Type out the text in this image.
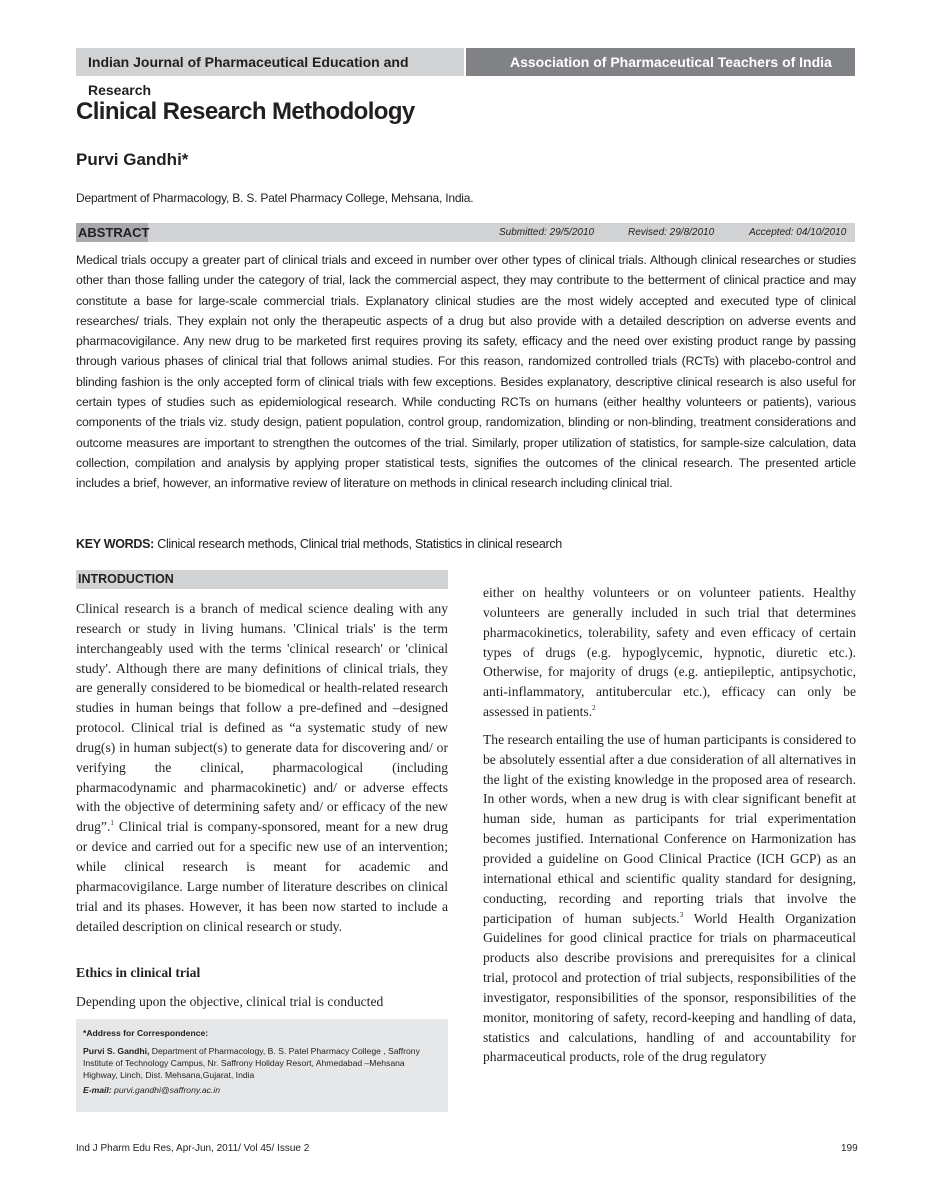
Indian Journal of Pharmaceutical Education and Research
Association of Pharmaceutical Teachers of India
Clinical Research Methodology
Purvi Gandhi*
Department of Pharmacology, B. S. Patel Pharmacy College, Mehsana, India.
ABSTRACT	Submitted: 29/5/2010	Revised: 29/8/2010	Accepted: 04/10/2010

Medical trials occupy a greater part of clinical trials and exceed in number over other types of clinical trials. Although clinical researches or studies other than those falling under the category of trial, lack the commercial aspect, they may contribute to the betterment of clinical practice and may constitute a base for large-scale commercial trials. Explanatory clinical studies are the most widely accepted and executed type of clinical researches/ trials. They explain not only the therapeutic aspects of a drug but also provide with a detailed description on adverse events and pharmacovigilance. Any new drug to be marketed first requires proving its safety, efficacy and the need over existing product range by passing through various phases of clinical trial that follows animal studies. For this reason, randomized controlled trials (RCTs) with placebo-control and blinding fashion is the only accepted form of clinical trials with few exceptions. Besides explanatory, descriptive clinical research is also useful for certain types of studies such as epidemiological research. While conducting RCTs on humans (either healthy volunteers or patients), various components of the trials viz. study design, patient population, control group, randomization, blinding or non-blinding, treatment considerations and outcome measures are important to strengthen the outcomes of the trial. Similarly, proper utilization of statistics, for sample-size calculation, data collection, compilation and analysis by applying proper statistical tests, signifies the outcomes of the clinical research. The presented article includes a brief, however, an informative review of literature on methods in clinical research including clinical trial.

KEY WORDS: Clinical research methods, Clinical trial methods, Statistics in clinical research
INTRODUCTION

Clinical research is a branch of medical science dealing with any research or study in living humans. 'Clinical trials' is the term interchangeably used with the terms 'clinical research' or 'clinical study'. Although there are many definitions of clinical trials, they are generally considered to be biomedical or health-related research studies in human beings that follow a pre-defined and –designed protocol. Clinical trial is defined as “a systematic study of new drug(s) in human subject(s) to generate data for discovering and/ or verifying the clinical, pharmacological (including pharmacodynamic and pharmacokinetic) and/ or adverse effects with the objective of determining safety and/ or efficacy of the new drug”.$^1$ Clinical trial is company-sponsored, meant for a new drug or device and carried out for a specific new use of an intervention; while clinical research is meant for academic and pharmacovigilance. Large number of literature describes on clinical trial and its phases. However, it has been now started to include a detailed description on clinical research or study.

Ethics in clinical trial

Depending upon the objective, clinical trial is conducted

*Address for Correspondence:
Purvi S. Gandhi, Department of Pharmacology, B. S. Patel Pharmacy College , Saffrony Institute of Technology Campus, Nr. Saffrony Holiday Resort, Ahmedabad –Mehsana Highway, Linch, Dist. Mehsana,Gujarat, India
E-mail: purvi.gandhi@saffrony.ac.in

either on healthy volunteers or on volunteer patients. Healthy volunteers are generally included in such trial that determines pharmacokinetics, tolerability, safety and even efficacy of certain types of drugs (e.g. hypoglycemic, hypnotic, diuretic etc.). Otherwise, for majority of drugs (e.g. antiepileptic, antipsychotic, anti-inflammatory, antitubercular etc.), efficacy can only be assessed in patients.$^2$

The research entailing the use of human participants is considered to be absolutely essential after a due consideration of all alternatives in the light of the existing knowledge in the proposed area of research. In other words, when a new drug is with clear significant benefit at human side, human as participants for trial experimentation becomes justified. International Conference on Harmonization has provided a guideline on Good Clinical Practice (ICH GCP) as an international ethical and scientific quality standard for designing, conducting, recording and reporting trials that involve the participation of human subjects.$^3$ World Health Organization Guidelines for good clinical practice for trials on pharmaceutical products also describe provisions and prerequisites for a clinical trial, protocol and protection of trial subjects, responsibilities of the investigator, responsibilities of the sponsor, responsibilities of the monitor, monitoring of safety, record-keeping and handling of data, statistics and calculations, handling of and accountability for pharmaceutical products, role of the drug regulatory

Ind J Pharm Edu Res, Apr-Jun, 2011/ Vol 45/ Issue 2	199
